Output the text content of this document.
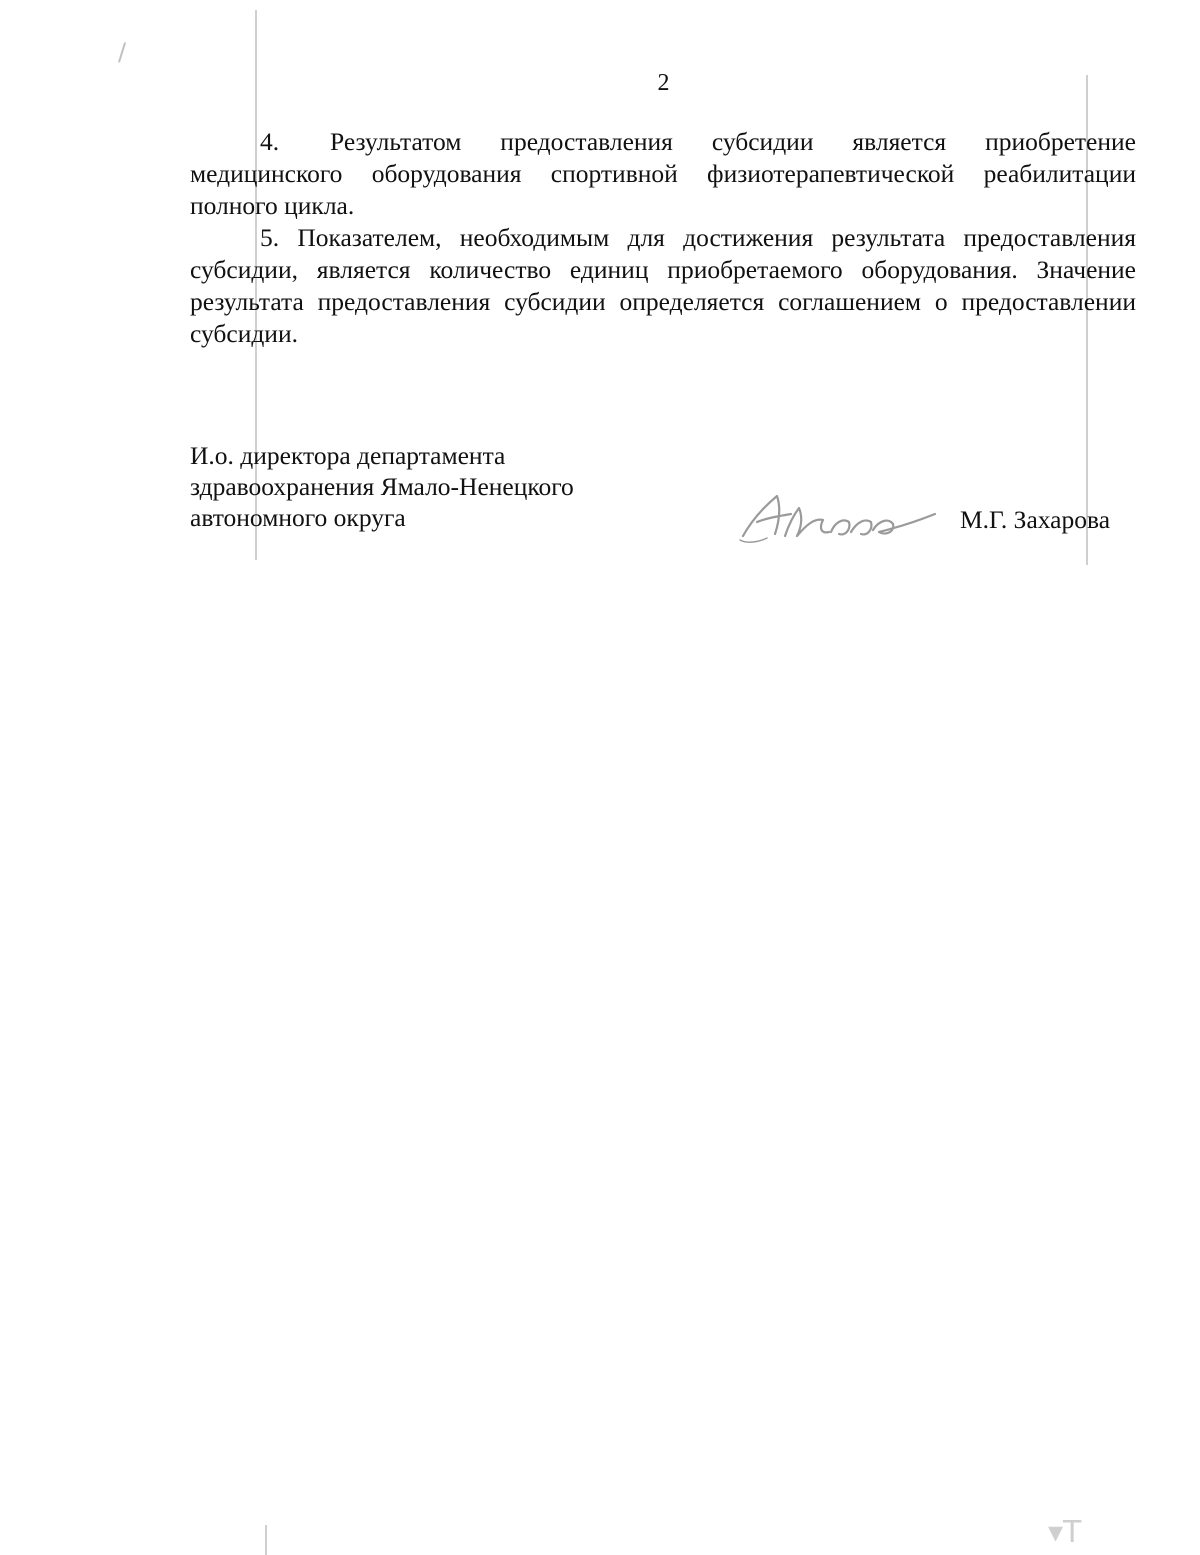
/
▾T
2

4. Результатом предоставления субсидии является приобретение медицинского оборудования спортивной физиотерапевтической реабилитации полного цикла.

5. Показателем, необходимым для достижения результата предоставления субсидии, является количество единиц приобретаемого оборудования. Значение результата предоставления субсидии определяется соглашением о предоставлении субсидии.

И.о. директора департамента
здравоохранения Ямало-Ненецкого
автономного округа	М.Г. Захарова
